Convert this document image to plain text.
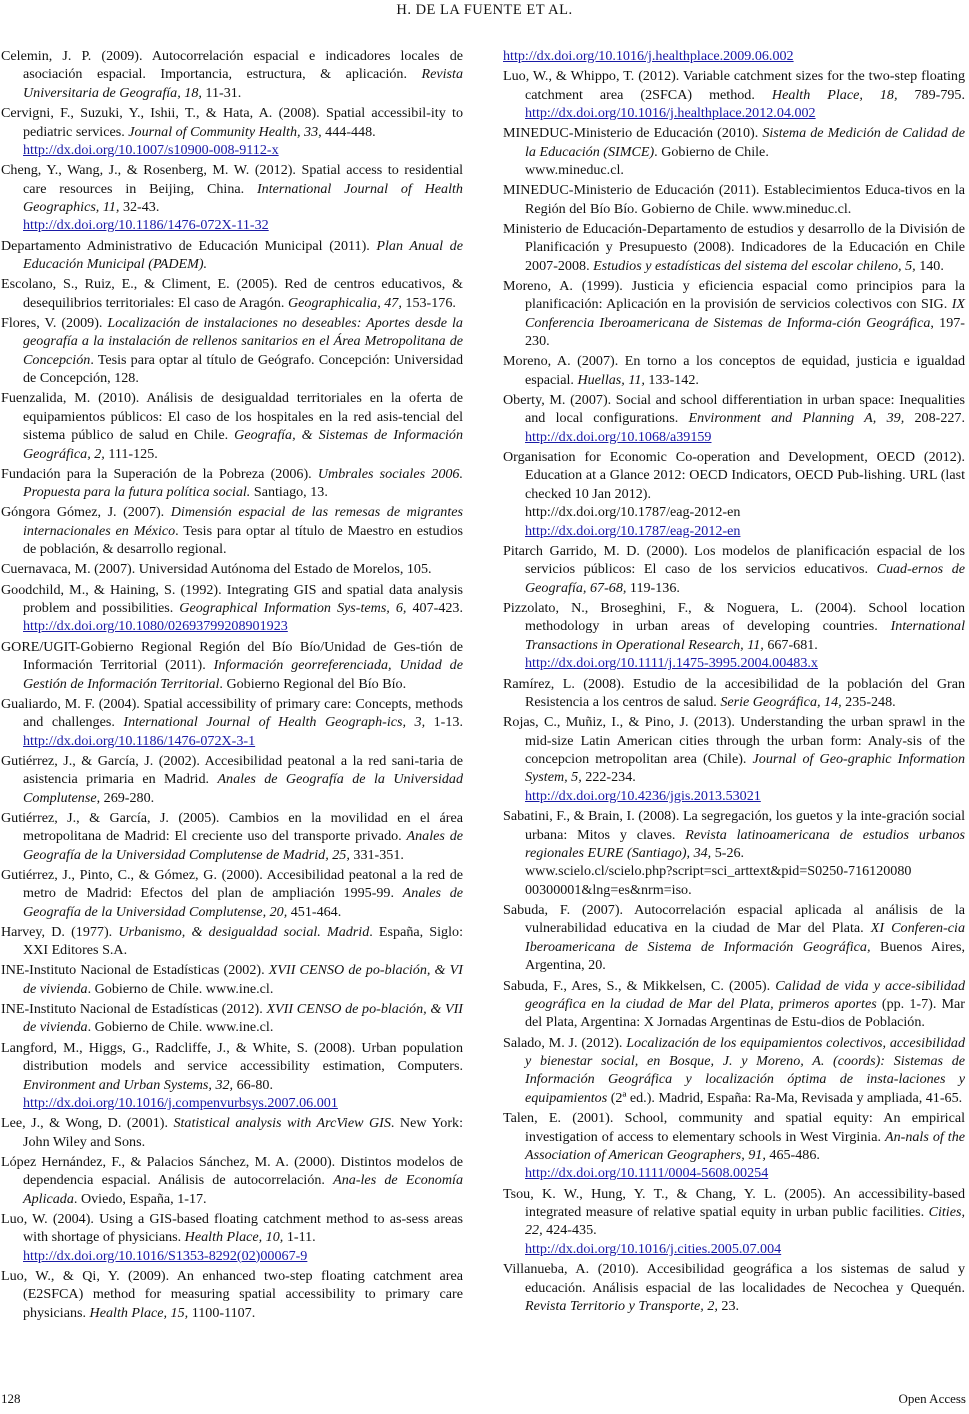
H. DE LA FUENTE ET AL.

Celemin, J. P. (2009). Autocorrelación espacial e indicadores locales de asociación espacial. Importancia, estructura, & aplicación. Revista Universitaria de Geografía, 18, 11-31.

Cervigni, F., Suzuki, Y., Ishii, T., & Hata, A. (2008). Spatial accessibil-ity to pediatric services. Journal of Community Health, 33, 444-448.
http://dx.doi.org/10.1007/s10900-008-9112-x

Cheng, Y., Wang, J., & Rosenberg, M. W. (2012). Spatial access to residential care resources in Beijing, China. International Journal of Health Geographics, 11, 32-43.
http://dx.doi.org/10.1186/1476-072X-11-32

Departamento Administrativo de Educación Municipal (2011). Plan Anual de Educación Municipal (PADEM).

Escolano, S., Ruiz, E., & Climent, E. (2005). Red de centros educativos, & desequilibrios territoriales: El caso de Aragón. Geographicalia, 47, 153-176.

Flores, V. (2009). Localización de instalaciones no deseables: Aportes desde la geografía a la instalación de rellenos sanitarios en el Área Metropolitana de Concepción. Tesis para optar al título de Geógrafo. Concepción: Universidad de Concepción, 128.

Fuenzalida, M. (2010). Análisis de desigualdad territoriales en la oferta de equipamientos públicos: El caso de los hospitales en la red asis-tencial del sistema público de salud en Chile. Geografía, & Sistemas de Información Geográfica, 2, 111-125.

Fundación para la Superación de la Pobreza (2006). Umbrales sociales 2006. Propuesta para la futura política social. Santiago, 13.

Góngora Gómez, J. (2007). Dimensión espacial de las remesas de migrantes internacionales en México. Tesis para optar al título de Maestro en estudios de población, & desarrollo regional.

Cuernavaca, M. (2007). Universidad Autónoma del Estado de Morelos, 105.

Goodchild, M., & Haining, S. (1992). Integrating GIS and spatial data analysis problem and possibilities. Geographical Information Sys-tems, 6, 407-423. http://dx.doi.org/10.1080/02693799208901923

GORE/UGIT-Gobierno Regional Región del Bío Bío/Unidad de Ges-tión de Información Territorial (2011). Información georreferenciada, Unidad de Gestión de Información Territorial. Gobierno Regional del Bío Bío.

Gualiardo, M. F. (2004). Spatial accessibility of primary care: Concepts, methods and challenges. International Journal of Health Geograph-ics, 3, 1-13. http://dx.doi.org/10.1186/1476-072X-3-1

Gutiérrez, J., & García, J. (2002). Accesibilidad peatonal a la red sani-taria de asistencia primaria en Madrid. Anales de Geografía de la Universidad Complutense, 269-280.

Gutiérrez, J., & García, J. (2005). Cambios en la movilidad en el área metropolitana de Madrid: El creciente uso del transporte privado. Anales de Geografía de la Universidad Complutense de Madrid, 25, 331-351.

Gutiérrez, J., Pinto, C., & Gómez, G. (2000). Accesibilidad peatonal a la red de metro de Madrid: Efectos del plan de ampliación 1995-99. Anales de Geografía de la Universidad Complutense, 20, 451-464.

Harvey, D. (1977). Urbanismo, & desigualdad social. Madrid. España, Siglo: XXI Editores S.A.

INE-Instituto Nacional de Estadísticas (2002). XVII CENSO de po-blación, & VI de vivienda. Gobierno de Chile. www.ine.cl.

INE-Instituto Nacional de Estadísticas (2012). XVII CENSO de po-blación, & VII de vivienda. Gobierno de Chile. www.ine.cl.

Langford, M., Higgs, G., Radcliffe, J., & White, S. (2008). Urban population distribution models and service accessibility estimation, Computers. Environment and Urban Systems, 32, 66-80.
http://dx.doi.org/10.1016/j.compenvurbsys.2007.06.001

Lee, J., & Wong, D. (2001). Statistical analysis with ArcView GIS. New York: John Wiley and Sons.

López Hernández, F., & Palacios Sánchez, M. A. (2000). Distintos modelos de dependencia espacial. Análisis de autocorrelación. Ana-les de Economía Aplicada. Oviedo, España, 1-17.

Luo, W. (2004). Using a GIS-based floating catchment method to as-sess areas with shortage of physicians. Health Place, 10, 1-11.
http://dx.doi.org/10.1016/S1353-8292(02)00067-9

Luo, W., & Qi, Y. (2009). An enhanced two-step floating catchment area (E2SFCA) method for measuring spatial accessibility to primary care physicians. Health Place, 15, 1100-1107.

http://dx.doi.org/10.1016/j.healthplace.2009.06.002

Luo, W., & Whippo, T. (2012). Variable catchment sizes for the two-step floating catchment area (2SFCA) method. Health Place, 18, 789-795. http://dx.doi.org/10.1016/j.healthplace.2012.04.002

MINEDUC-Ministerio de Educación (2010). Sistema de Medición de Calidad de la Educación (SIMCE). Gobierno de Chile.
www.mineduc.cl.

MINEDUC-Ministerio de Educación (2011). Establecimientos Educa-tivos en la Región del Bío Bío. Gobierno de Chile. www.mineduc.cl.

Ministerio de Educación-Departamento de estudios y desarrollo de la División de Planificación y Presupuesto (2008). Indicadores de la Educación en Chile 2007-2008. Estudios y estadísticas del sistema del escolar chileno, 5, 140.

Moreno, A. (1999). Justicia y eficiencia espacial como principios para la planificación: Aplicación en la provisión de servicios colectivos con SIG. IX Conferencia Iberoamericana de Sistemas de Informa-ción Geográfica, 197-230.

Moreno, A. (2007). En torno a los conceptos de equidad, justicia e igualdad espacial. Huellas, 11, 133-142.

Oberty, M. (2007). Social and school differentiation in urban space: Inequalities and local configurations. Environment and Planning A, 39, 208-227. http://dx.doi.org/10.1068/a39159

Organisation for Economic Co-operation and Development, OECD (2012). Education at a Glance 2012: OECD Indicators, OECD Pub-lishing. URL (last checked 10 Jan 2012).
http://dx.doi.org/10.1787/eag-2012-en
http://dx.doi.org/10.1787/eag-2012-en

Pitarch Garrido, M. D. (2000). Los modelos de planificación espacial de los servicios públicos: El caso de los servicios educativos. Cuad-ernos de Geografía, 67-68, 119-136.

Pizzolato, N., Broseghini, F., & Noguera, L. (2004). School location methodology in urban areas of developing countries. International Transactions in Operational Research, 11, 667-681.
http://dx.doi.org/10.1111/j.1475-3995.2004.00483.x

Ramírez, L. (2008). Estudio de la accesibilidad de la población del Gran Resistencia a los centros de salud. Serie Geográfica, 14, 235-248.

Rojas, C., Muñiz, I., & Pino, J. (2013). Understanding the urban sprawl in the mid-size Latin American cities through the urban form: Analy-sis of the concepcion metropolitan area (Chile). Journal of Geo-graphic Information System, 5, 222-234.
http://dx.doi.org/10.4236/jgis.2013.53021

Sabatini, F., & Brain, I. (2008). La segregación, los guetos y la inte-gración social urbana: Mitos y claves. Revista latinoamericana de estudios urbanos regionales EURE (Santiago), 34, 5-26.
www.scielo.cl/scielo.php?script=sci_arttext&pid=S0250-716120080 00300001&lng=es&nrm=iso.

Sabuda, F. (2007). Autocorrelación espacial aplicada al análisis de la vulnerabilidad educativa en la ciudad de Mar del Plata. XI Conferen-cia Iberoamericana de Sistema de Información Geográfica, Buenos Aires, Argentina, 20.

Sabuda, F., Ares, S., & Mikkelsen, C. (2005). Calidad de vida y acce-sibilidad geográfica en la ciudad de Mar del Plata, primeros aportes (pp. 1-7). Mar del Plata, Argentina: X Jornadas Argentinas de Estu-dios de Población.

Salado, M. J. (2012). Localización de los equipamientos colectivos, accesibilidad y bienestar social, en Bosque, J. y Moreno, A. (coords): Sistemas de Información Geográfica y localización óptima de insta-laciones y equipamientos (2ª ed.). Madrid, España: Ra-Ma, Revisada y ampliada, 41-65.

Talen, E. (2001). School, community and spatial equity: An empirical investigation of access to elementary schools in West Virginia. An-nals of the Association of American Geographers, 91, 465-486.
http://dx.doi.org/10.1111/0004-5608.00254

Tsou, K. W., Hung, Y. T., & Chang, Y. L. (2005). An accessibility-based integrated measure of relative spatial equity in urban public facilities. Cities, 22, 424-435.
http://dx.doi.org/10.1016/j.cities.2005.07.004

Villanueba, A. (2010). Accesibilidad geográfica a los sistemas de salud y educación. Análisis espacial de las localidades de Necochea y Quequén. Revista Territorio y Transporte, 2, 23.

128	Open Access
